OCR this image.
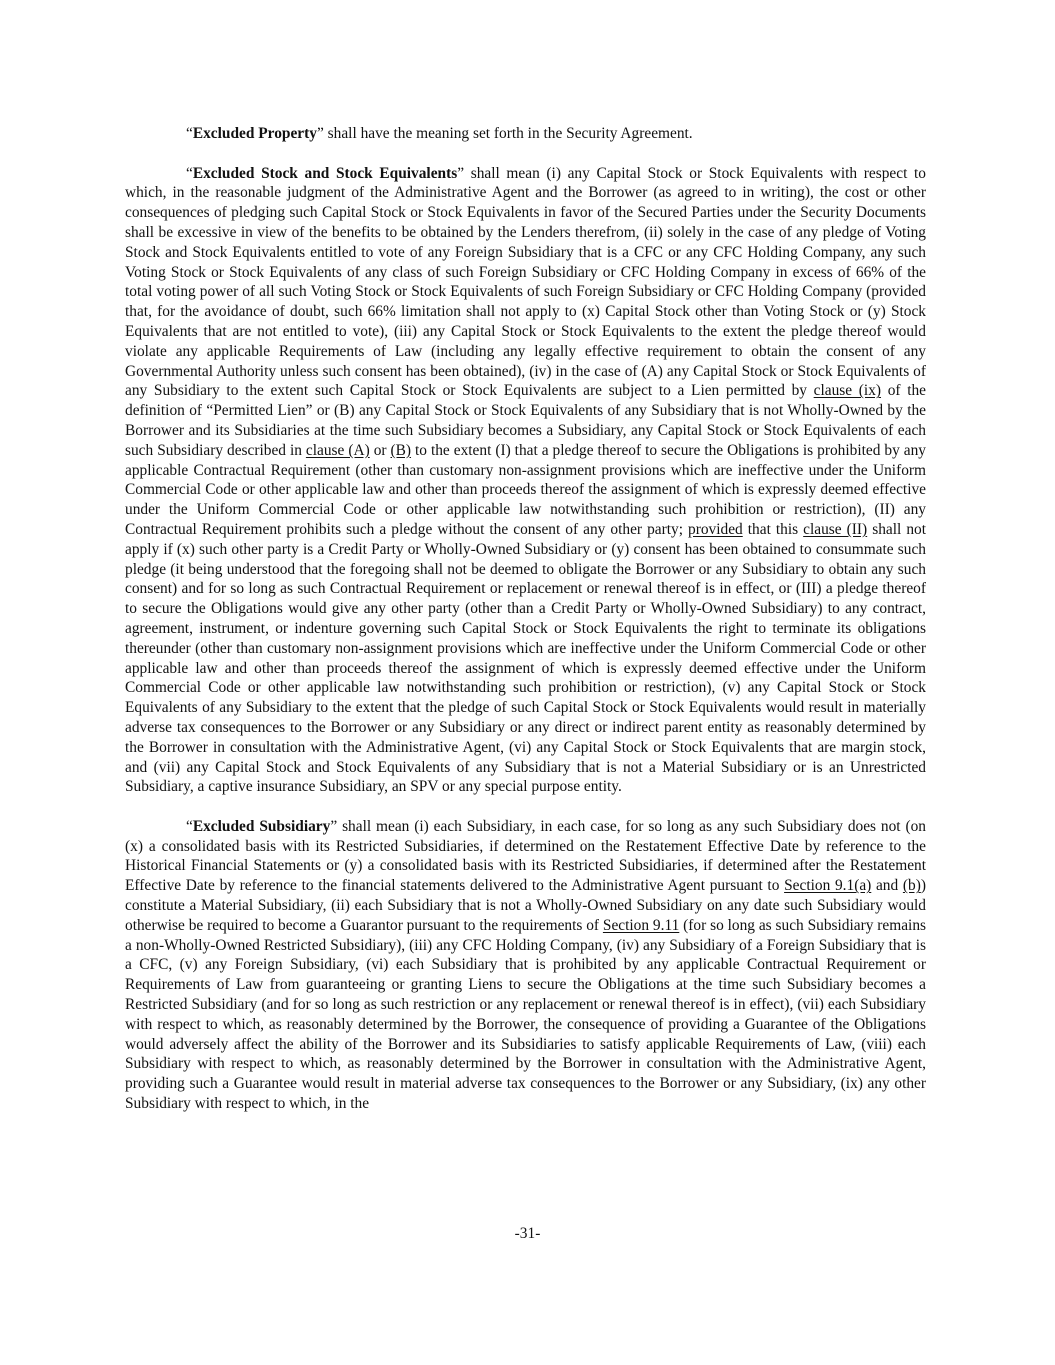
“Excluded Property” shall have the meaning set forth in the Security Agreement.

“Excluded Stock and Stock Equivalents” shall mean (i) any Capital Stock or Stock Equivalents with respect to which, in the reasonable judgment of the Administrative Agent and the Borrower (as agreed to in writing), the cost or other consequences of pledging such Capital Stock or Stock Equivalents in favor of the Secured Parties under the Security Documents shall be excessive in view of the benefits to be obtained by the Lenders therefrom, (ii) solely in the case of any pledge of Voting Stock and Stock Equivalents entitled to vote of any Foreign Subsidiary that is a CFC or any CFC Holding Company, any such Voting Stock or Stock Equivalents of any class of such Foreign Subsidiary or CFC Holding Company in excess of 66% of the total voting power of all such Voting Stock or Stock Equivalents of such Foreign Subsidiary or CFC Holding Company (provided that, for the avoidance of doubt, such 66% limitation shall not apply to (x) Capital Stock other than Voting Stock or (y) Stock Equivalents that are not entitled to vote), (iii) any Capital Stock or Stock Equivalents to the extent the pledge thereof would violate any applicable Requirements of Law (including any legally effective requirement to obtain the consent of any Governmental Authority unless such consent has been obtained), (iv) in the case of (A) any Capital Stock or Stock Equivalents of any Subsidiary to the extent such Capital Stock or Stock Equivalents are subject to a Lien permitted by clause (ix) of the definition of “Permitted Lien” or (B) any Capital Stock or Stock Equivalents of any Subsidiary that is not Wholly-Owned by the Borrower and its Subsidiaries at the time such Subsidiary becomes a Subsidiary, any Capital Stock or Stock Equivalents of each such Subsidiary described in clause (A) or (B) to the extent (I) that a pledge thereof to secure the Obligations is prohibited by any applicable Contractual Requirement (other than customary non-assignment provisions which are ineffective under the Uniform Commercial Code or other applicable law and other than proceeds thereof the assignment of which is expressly deemed effective under the Uniform Commercial Code or other applicable law notwithstanding such prohibition or restriction), (II) any Contractual Requirement prohibits such a pledge without the consent of any other party; provided that this clause (II) shall not apply if (x) such other party is a Credit Party or Wholly-Owned Subsidiary or (y) consent has been obtained to consummate such pledge (it being understood that the foregoing shall not be deemed to obligate the Borrower or any Subsidiary to obtain any such consent) and for so long as such Contractual Requirement or replacement or renewal thereof is in effect, or (III) a pledge thereof to secure the Obligations would give any other party (other than a Credit Party or Wholly-Owned Subsidiary) to any contract, agreement, instrument, or indenture governing such Capital Stock or Stock Equivalents the right to terminate its obligations thereunder (other than customary non-assignment provisions which are ineffective under the Uniform Commercial Code or other applicable law and other than proceeds thereof the assignment of which is expressly deemed effective under the Uniform Commercial Code or other applicable law notwithstanding such prohibition or restriction), (v) any Capital Stock or Stock Equivalents of any Subsidiary to the extent that the pledge of such Capital Stock or Stock Equivalents would result in materially adverse tax consequences to the Borrower or any Subsidiary or any direct or indirect parent entity as reasonably determined by the Borrower in consultation with the Administrative Agent, (vi) any Capital Stock or Stock Equivalents that are margin stock, and (vii) any Capital Stock and Stock Equivalents of any Subsidiary that is not a Material Subsidiary or is an Unrestricted Subsidiary, a captive insurance Subsidiary, an SPV or any special purpose entity.

“Excluded Subsidiary” shall mean (i) each Subsidiary, in each case, for so long as any such Subsidiary does not (on (x) a consolidated basis with its Restricted Subsidiaries, if determined on the Restatement Effective Date by reference to the Historical Financial Statements or (y) a consolidated basis with its Restricted Subsidiaries, if determined after the Restatement Effective Date by reference to the financial statements delivered to the Administrative Agent pursuant to Section 9.1(a) and (b)) constitute a Material Subsidiary, (ii) each Subsidiary that is not a Wholly-Owned Subsidiary on any date such Subsidiary would otherwise be required to become a Guarantor pursuant to the requirements of Section 9.11 (for so long as such Subsidiary remains a non-Wholly-Owned Restricted Subsidiary), (iii) any CFC Holding Company, (iv) any Subsidiary of a Foreign Subsidiary that is a CFC, (v) any Foreign Subsidiary, (vi) each Subsidiary that is prohibited by any applicable Contractual Requirement or Requirements of Law from guaranteeing or granting Liens to secure the Obligations at the time such Subsidiary becomes a Restricted Subsidiary (and for so long as such restriction or any replacement or renewal thereof is in effect), (vii) each Subsidiary with respect to which, as reasonably determined by the Borrower, the consequence of providing a Guarantee of the Obligations would adversely affect the ability of the Borrower and its Subsidiaries to satisfy applicable Requirements of Law, (viii) each Subsidiary with respect to which, as reasonably determined by the Borrower in consultation with the Administrative Agent, providing such a Guarantee would result in material adverse tax consequences to the Borrower or any Subsidiary, (ix) any other Subsidiary with respect to which, in the

-31-
